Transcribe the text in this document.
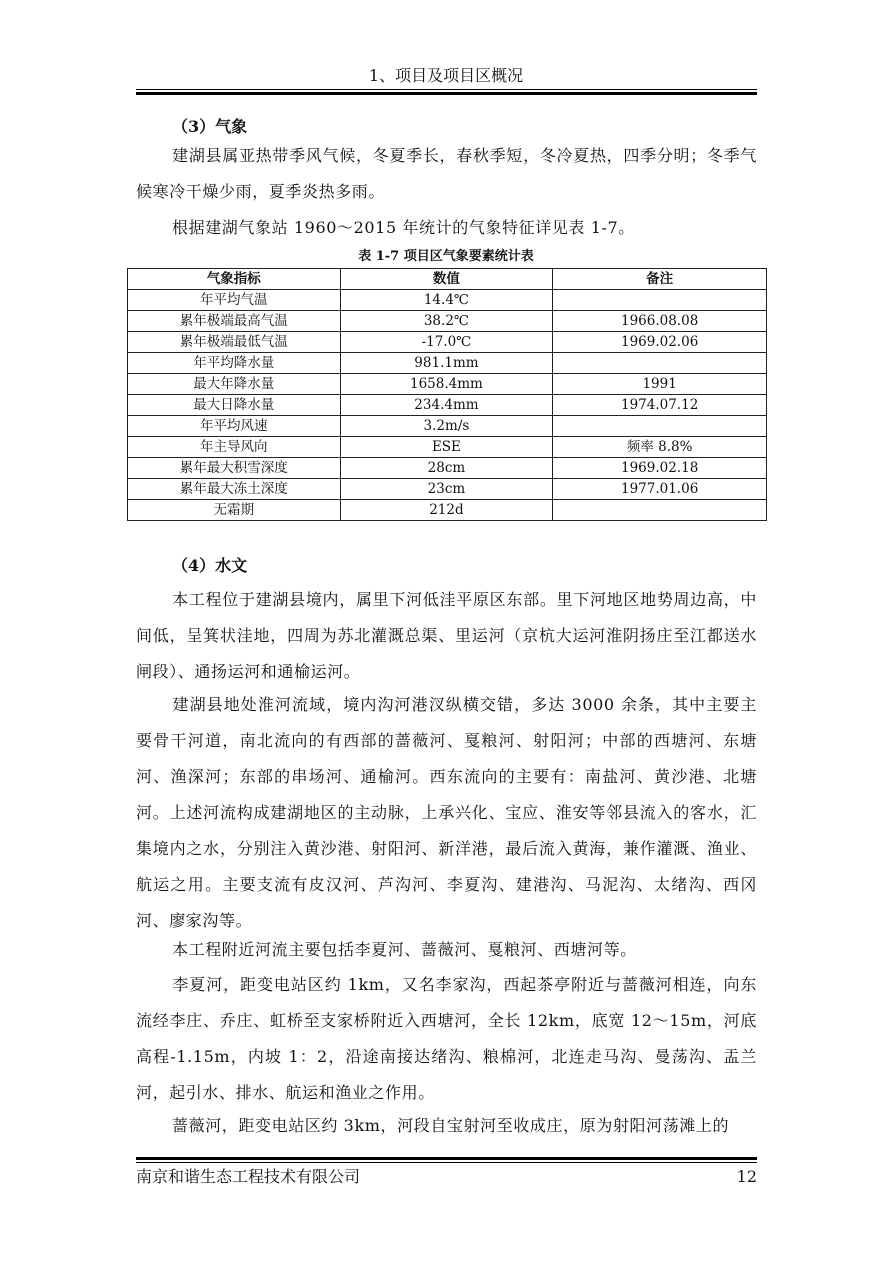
1、项目及项目区概况
（3）气象
建湖县属亚热带季风气候，冬夏季长，春秋季短，冬冷夏热，四季分明；冬季气候寒冷干燥少雨，夏季炎热多雨。
根据建湖气象站 1960～2015 年统计的气象特征详见表 1-7。
表 1-7 项目区气象要素统计表
气象指标	数值	备注
年平均气温	14.4℃	
累年极端最高气温	38.2℃	1966.08.08
累年极端最低气温	-17.0℃	1969.02.06
年平均降水量	981.1mm	
最大年降水量	1658.4mm	1991
最大日降水量	234.4mm	1974.07.12
年平均风速	3.2m/s	
年主导风向	ESE	频率 8.8%
累年最大积雪深度	28cm	1969.02.18
累年最大冻土深度	23cm	1977.01.06
无霜期	212d	
（4）水文
本工程位于建湖县境内，属里下河低洼平原区东部。里下河地区地势周边高，中间低，呈箕状洼地，四周为苏北灌溉总渠、里运河（京杭大运河淮阴扬庄至江都送水闸段）、通扬运河和通榆运河。
建湖县地处淮河流域，境内沟河港汊纵横交错，多达 3000 余条，其中主要主要骨干河道，南北流向的有西部的蔷薇河、戛粮河、射阳河；中部的西塘河、东塘河、渔深河；东部的串场河、通榆河。西东流向的主要有：南盐河、黄沙港、北塘河。上述河流构成建湖地区的主动脉，上承兴化、宝应、淮安等邻县流入的客水，汇集境内之水，分别注入黄沙港、射阳河、新洋港，最后流入黄海，兼作灌溉、渔业、航运之用。主要支流有皮汉河、芦沟河、李夏沟、建港沟、马泥沟、太绪沟、西冈河、廖家沟等。
本工程附近河流主要包括李夏河、蔷薇河、戛粮河、西塘河等。
李夏河，距变电站区约 1km，又名李家沟，西起茶亭附近与蔷薇河相连，向东流经李庄、乔庄、虹桥至支家桥附近入西塘河，全长 12km，底宽 12～15m，河底高程-1.15m，内坡 1：2，沿途南接达绪沟、粮棉河，北连走马沟、曼荡沟、盂兰河，起引水、排水、航运和渔业之作用。
蔷薇河，距变电站区约 3km，河段自宝射河至收成庄，原为射阳河荡滩上的
南京和谐生态工程技术有限公司	12
